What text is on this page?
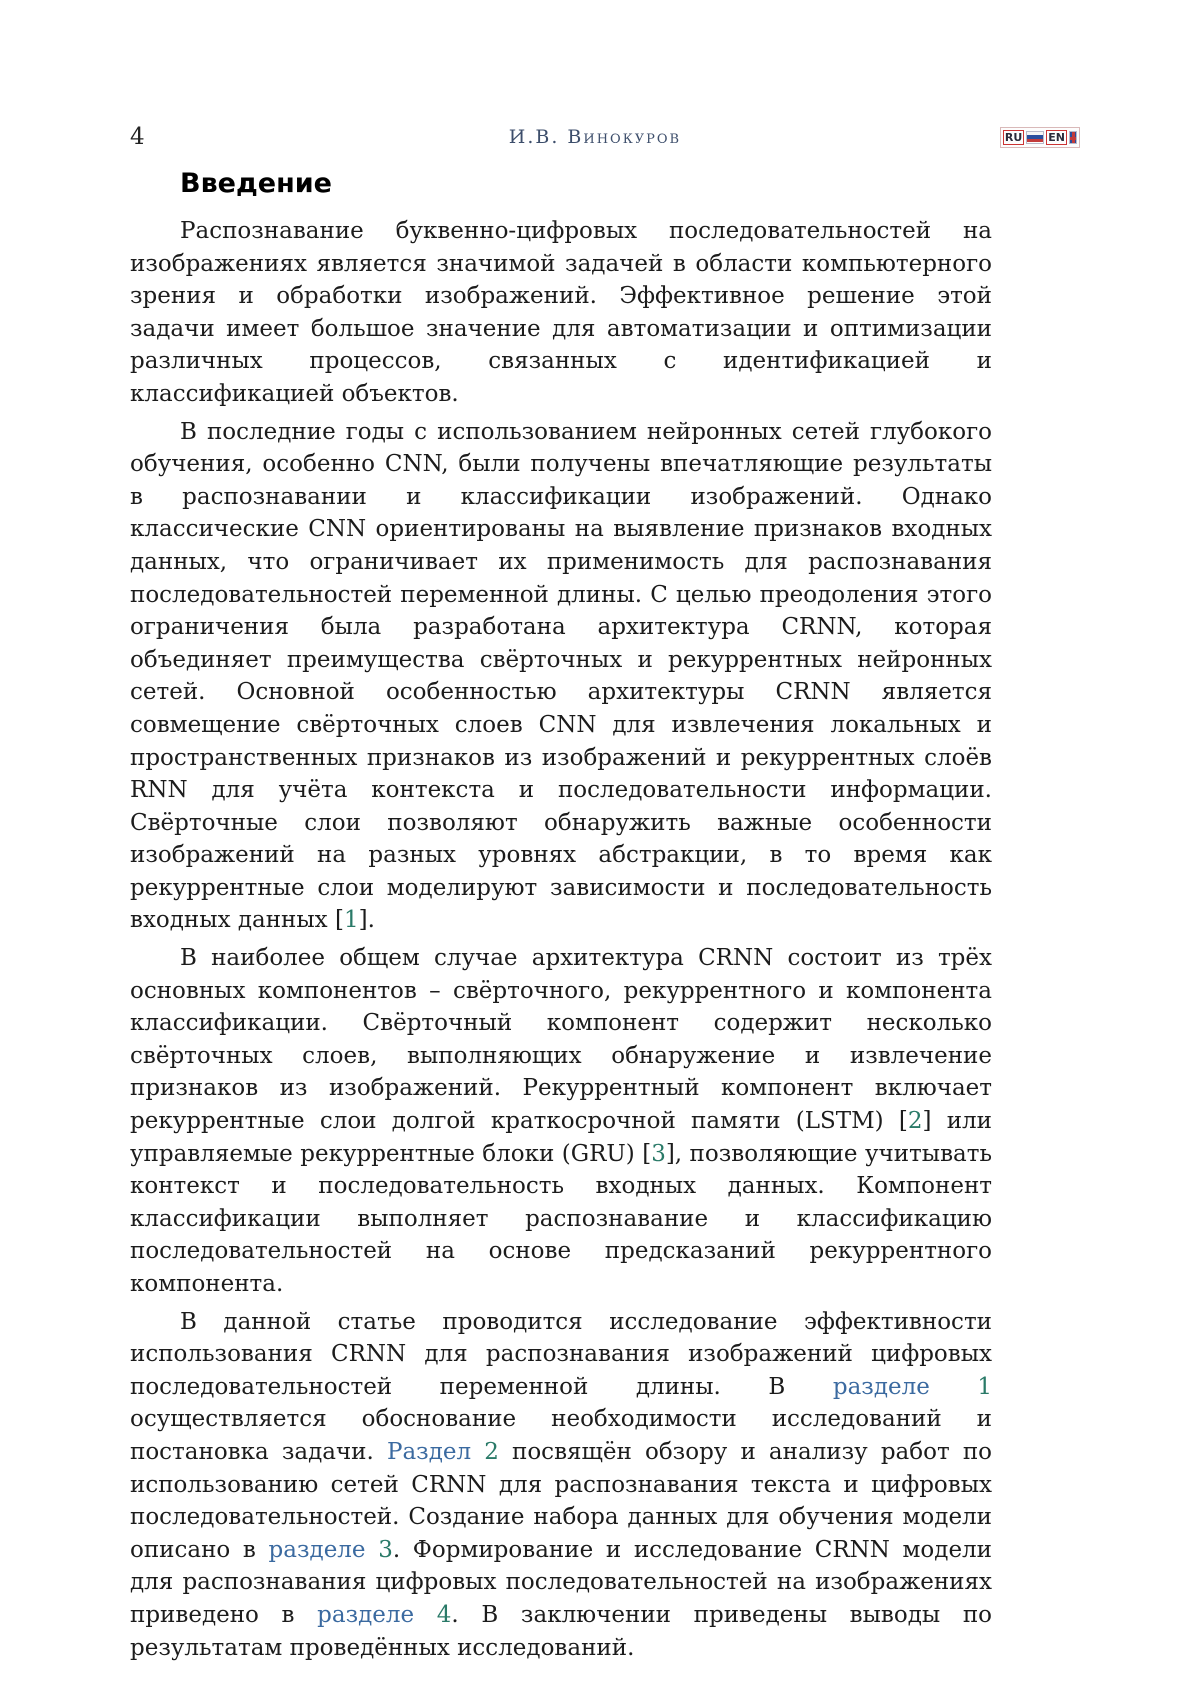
4	И.В. Винокуров	RU EN
Введение

Распознавание буквенно-цифровых последовательностей на изображениях является значимой задачей в области компьютерного зрения и обработки изображений. Эффективное решение этой задачи имеет большое значение для автоматизации и оптимизации различных процессов, связанных с идентификацией и классификацией объектов.

В последние годы с использованием нейронных сетей глубокого обучения, особенно CNN, были получены впечатляющие результаты в распознавании и классификации изображений. Однако классические CNN ориентированы на выявление признаков входных данных, что ограничивает их применимость для распознавания последовательностей переменной длины. С целью преодоления этого ограничения была разработана архитектура CRNN, которая объединяет преимущества свёрточных и рекуррентных нейронных сетей. Основной особенностью архитектуры CRNN является совмещение свёрточных слоев CNN для извлечения локальных и пространственных признаков из изображений и рекуррентных слоёв RNN для учёта контекста и последовательности информации. Свёрточные слои позволяют обнаружить важные особенности изображений на разных уровнях абстракции, в то время как рекуррентные слои моделируют зависимости и последовательность входных данных [1].

В наиболее общем случае архитектура CRNN состоит из трёх основных компонентов – свёрточного, рекуррентного и компонента классификации. Свёрточный компонент содержит несколько свёрточных слоев, выполняющих обнаружение и извлечение признаков из изображений. Рекуррентный компонент включает рекуррентные слои долгой краткосрочной памяти (LSTM) [2] или управляемые рекуррентные блоки (GRU) [3], позволяющие учитывать контекст и последовательность входных данных. Компонент классификации выполняет распознавание и классификацию последовательностей на основе предсказаний рекуррентного компонента.

В данной статье проводится исследование эффективности использования CRNN для распознавания изображений цифровых последовательностей переменной длины. В разделе 1 осуществляется обоснование необходимости исследований и постановка задачи. Раздел 2 посвящён обзору и анализу работ по использованию сетей CRNN для распознавания текста и цифровых последовательностей. Создание набора данных для обучения модели описано в разделе 3. Формирование и исследование CRNN модели для распознавания цифровых последовательностей на изображениях приведено в разделе 4. В заключении приведены выводы по результатам проведённых исследований.
